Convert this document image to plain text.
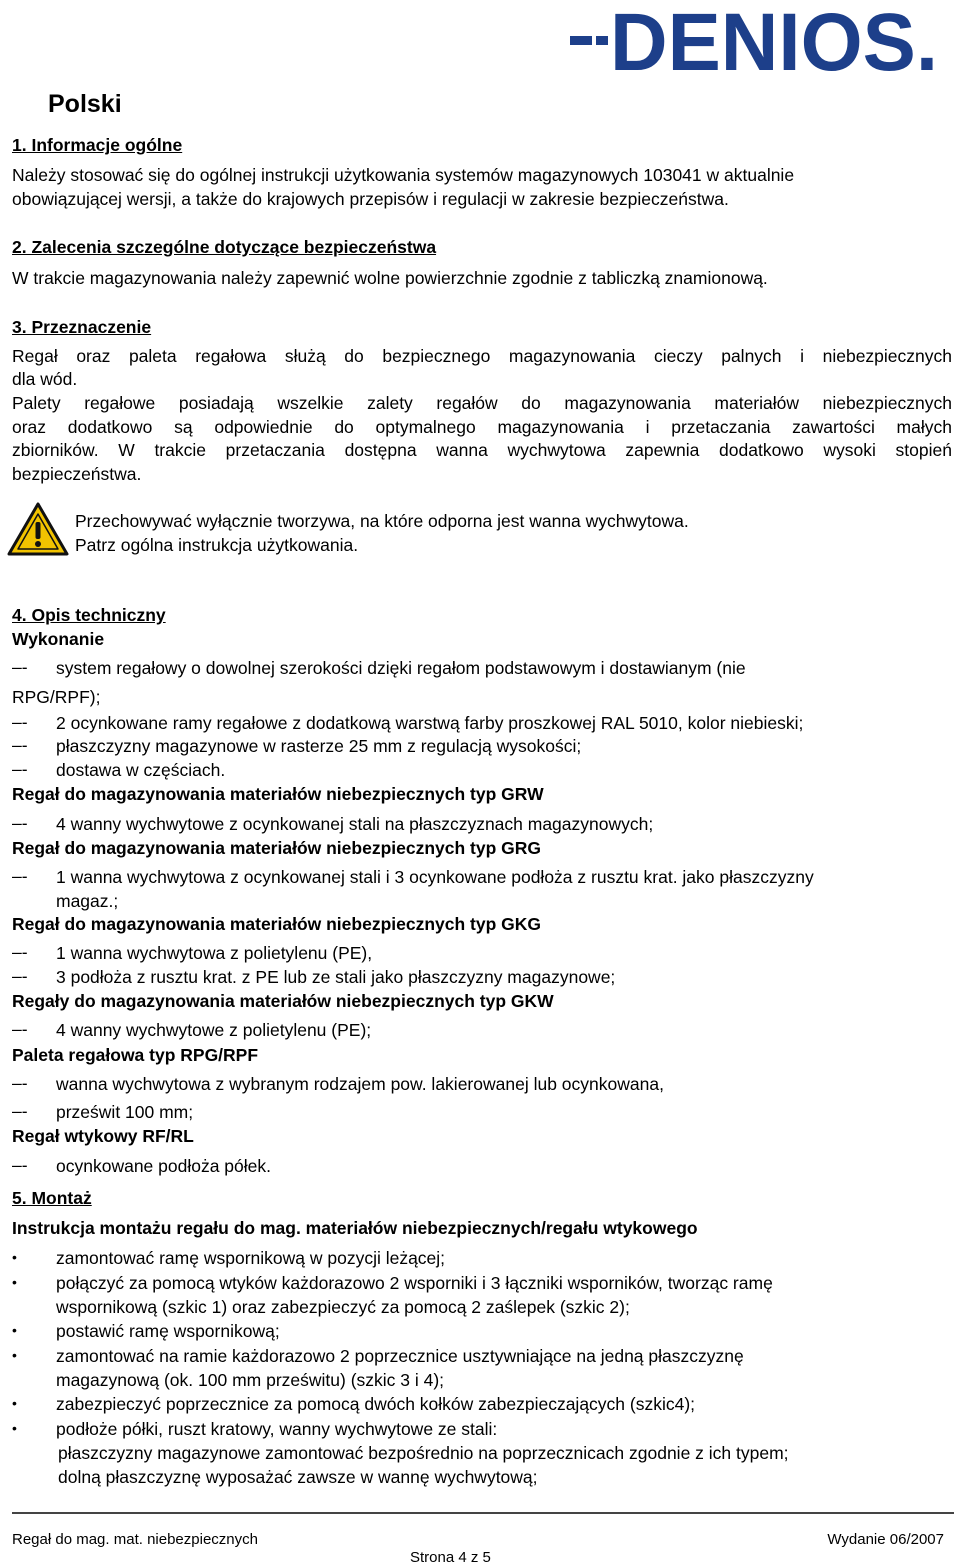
DENIOS.
Polski
1. Informacje ogólne
Należy stosować się do ogólnej instrukcji użytkowania systemów magazynowych 103041 w aktualnie
obowiązującej wersji, a także do krajowych przepisów i regulacji w zakresie bezpieczeństwa.
2. Zalecenia szczególne dotyczące bezpieczeństwa
W trakcie magazynowania należy zapewnić wolne powierzchnie zgodnie z tabliczką znamionową.
3. Przeznaczenie
Regał oraz paleta regałowa służą do bezpiecznego magazynowania cieczy palnych i niebezpiecznych
dla wód.
Palety regałowe posiadają wszelkie zalety regałów do magazynowania materiałów niebezpiecznych
oraz dodatkowo są odpowiednie do optymalnego magazynowania i przetaczania zawartości małych
zbiorników. W trakcie przetaczania dostępna wanna wychwytowa zapewnia dodatkowo wysoki stopień
bezpieczeństwa.
Przechowywać wyłącznie tworzywa, na które odporna jest wanna wychwytowa.
Patrz ogólna instrukcja użytkowania.
4. Opis techniczny
Wykonanie
–- system regałowy o dowolnej szerokości dzięki regałom podstawowym i dostawianym (nie
RPG/RPF);
–- 2 ocynkowane ramy regałowe z dodatkową warstwą farby proszkowej RAL 5010, kolor niebieski;
–- płaszczyzny magazynowe w rasterze 25 mm z regulacją wysokości;
–- dostawa w częściach.
Regał do magazynowania materiałów niebezpiecznych typ GRW
–- 4 wanny wychwytowe z ocynkowanej stali na płaszczyznach magazynowych;
Regał do magazynowania materiałów niebezpiecznych typ GRG
–- 1 wanna wychwytowa z ocynkowanej stali i 3 ocynkowane podłoża z rusztu krat. jako płaszczyzny
magaz.;
Regał do magazynowania materiałów niebezpiecznych typ GKG
–- 1 wanna wychwytowa z polietylenu (PE),
–- 3 podłoża z rusztu krat. z PE lub ze stali jako płaszczyzny magazynowe;
Regały do magazynowania materiałów niebezpiecznych typ GKW
–- 4 wanny wychwytowe z polietylenu (PE);
Paleta regałowa typ RPG/RPF
–- wanna wychwytowa z wybranym rodzajem pow. lakierowanej lub ocynkowana,
–- prześwit 100 mm;
Regał wtykowy RF/RL
–- ocynkowane podłoża półek.
5. Montaż
Instrukcja montażu regału do mag. materiałów niebezpiecznych/regału wtykowego
• zamontować ramę wspornikową w pozycji leżącej;
• połączyć za pomocą wtyków każdorazowo 2 wsporniki i 3 łączniki wsporników, tworząc ramę
wspornikową (szkic 1) oraz zabezpieczyć za pomocą 2 zaślepek (szkic 2);
• postawić ramę wspornikową;
• zamontować na ramie każdorazowo 2 poprzecznice usztywniające na jedną płaszczyznę
magazynową (ok. 100 mm prześwitu) (szkic 3 i 4);
• zabezpieczyć poprzecznice za pomocą dwóch kołków zabezpieczających (szkic4);
• podłoże półki, ruszt kratowy, wanny wychwytowe ze stali:
płaszczyzny magazynowe zamontować bezpośrednio na poprzecznicach zgodnie z ich typem;
dolną płaszczyznę wyposażać zawsze w wannę wychwytową;
Regał do mag. mat. niebezpiecznych	Wydanie 06/2007
Strona 4 z 5
